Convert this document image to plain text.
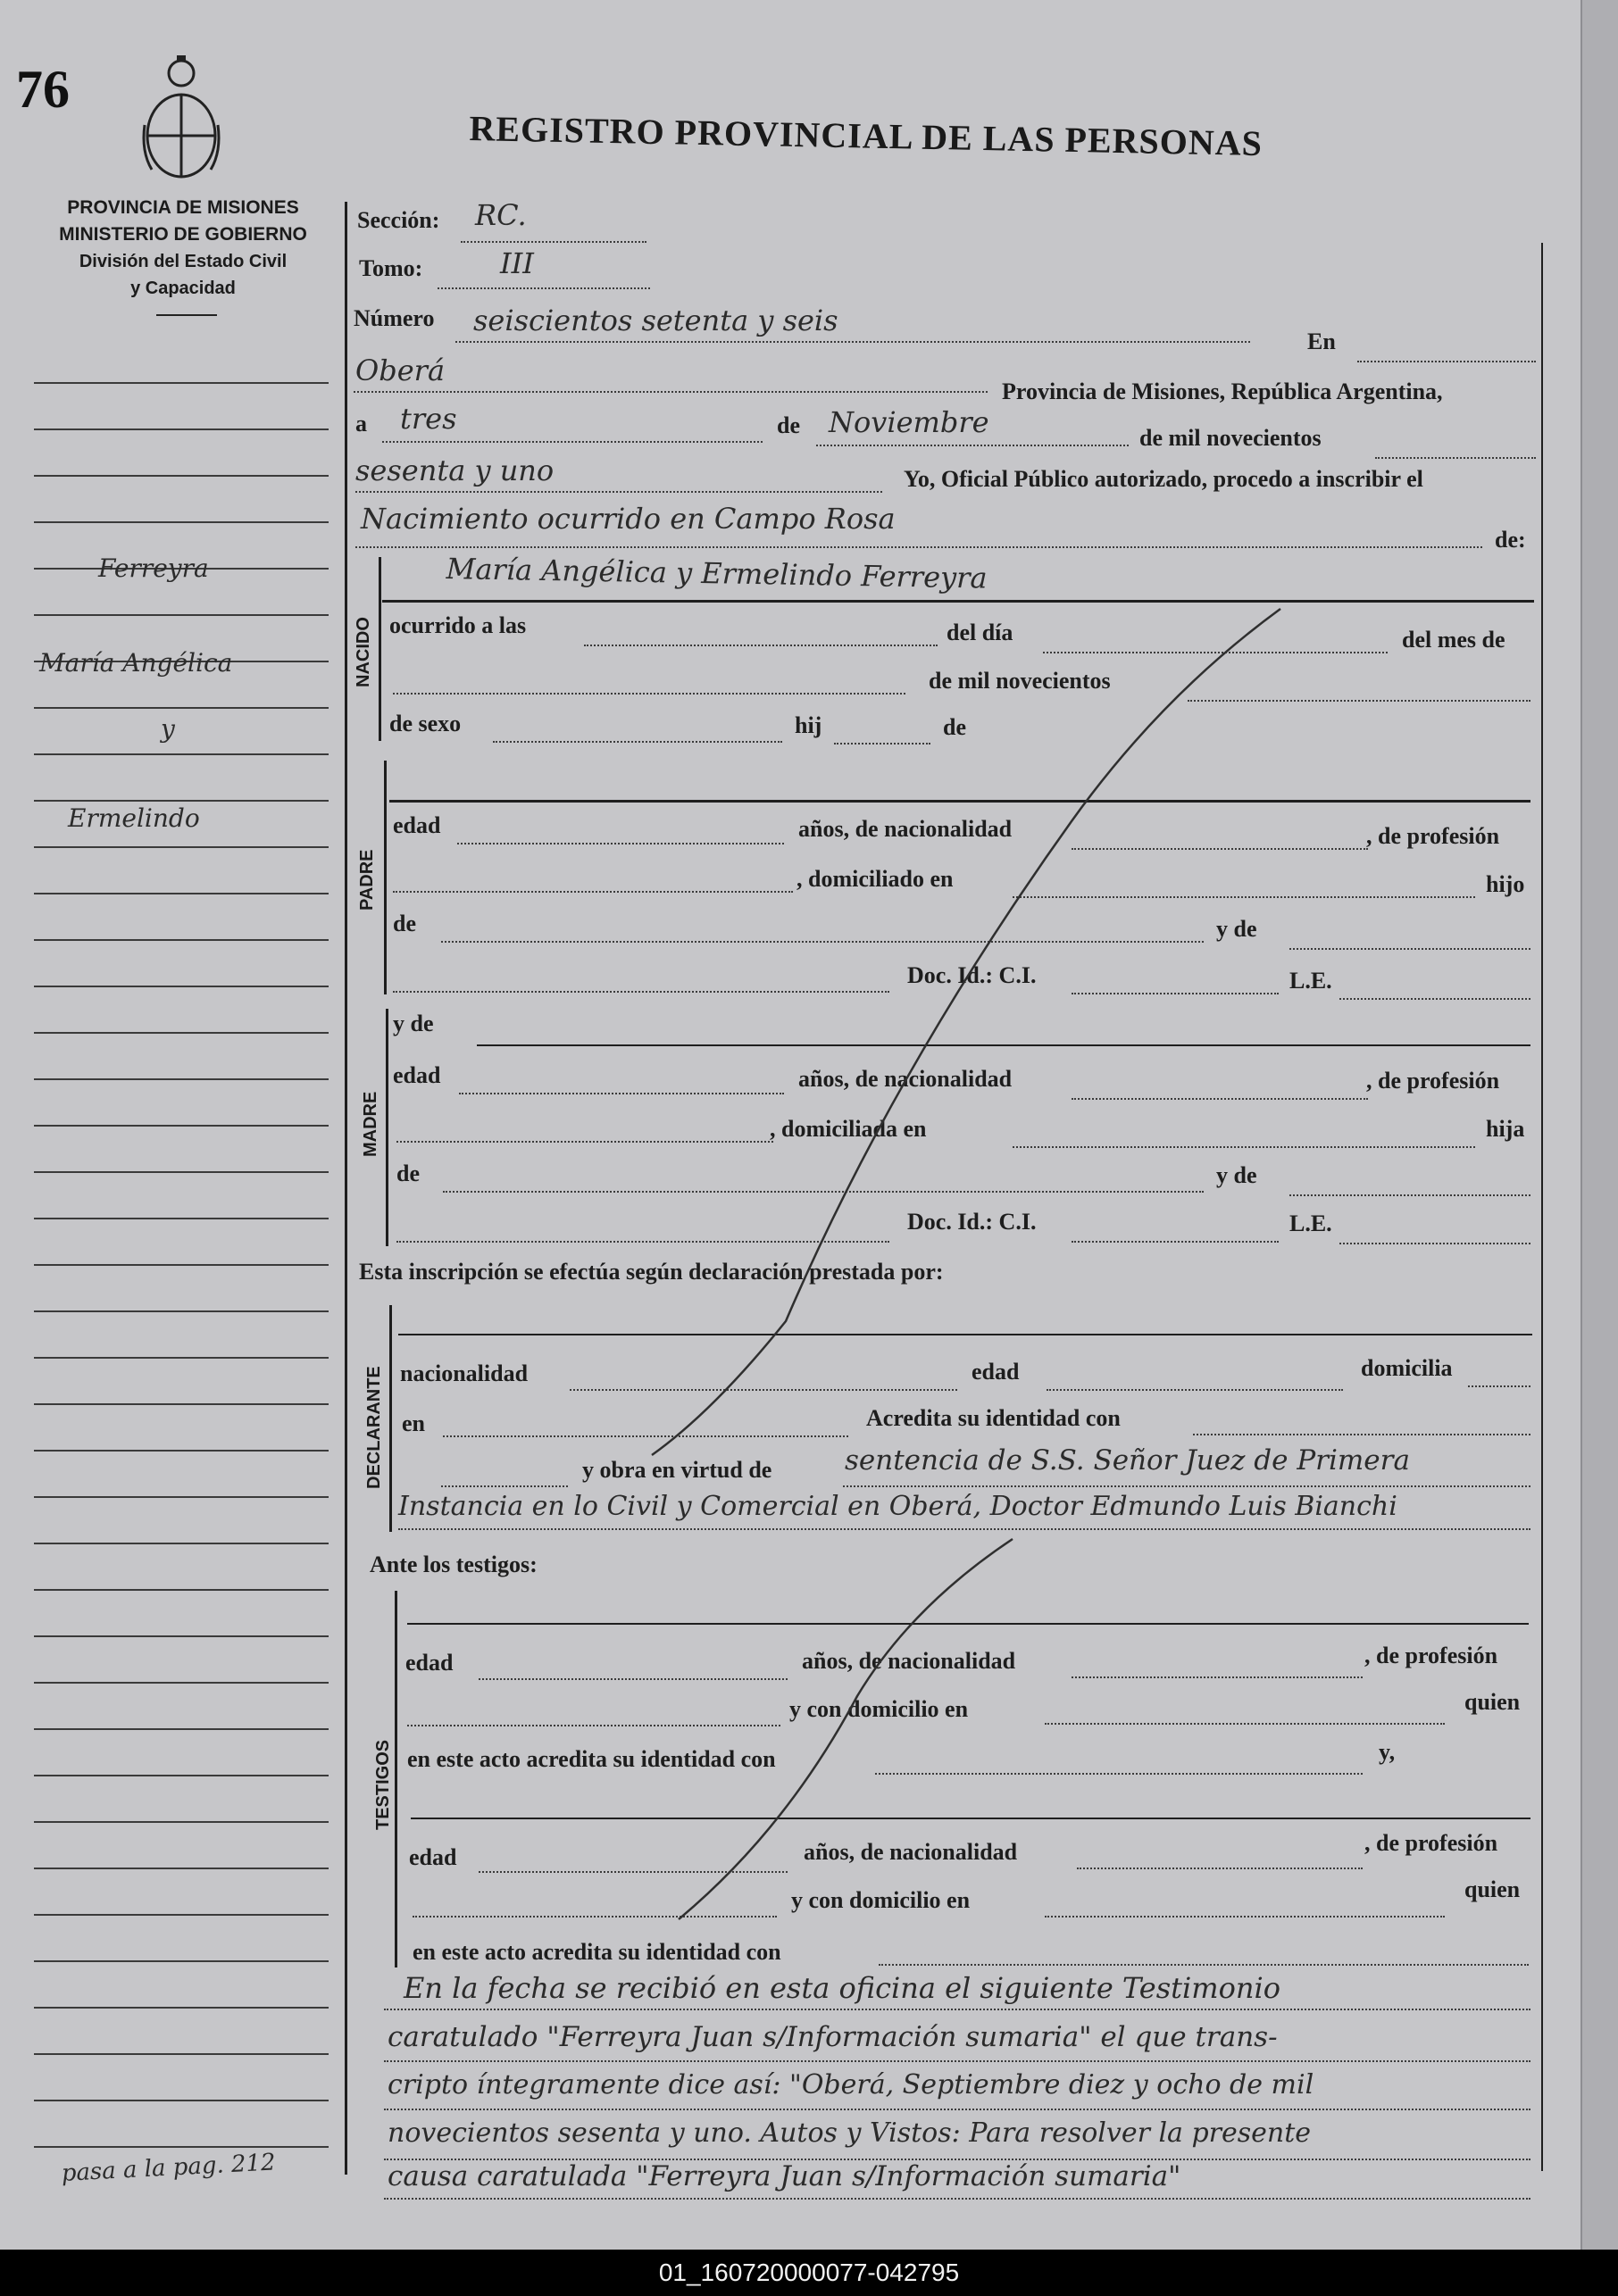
76
REGISTRO PROVINCIAL DE LAS PERSONAS
PROVINCIA DE MISIONES
MINISTERIO DE GOBIERNO
División del Estado Civil
y Capacidad
Ferreyra
María Angélica
y
Ermelindo
pasa a la pag. 212
Sección: RC.
Tomo:	III
Número seiscientos setenta y seis
En
Oberá
Provincia de Misiones, República Argentina,
a tres	de Noviembre	de mil novecientos
sesenta y uno	Yo, Oficial Público autorizado, procedo a inscribir el
Nacimiento ocurrido en Campo Rosa
de:
María Angélica y Ermelindo Ferreyra
NACIDO ocurrido a las	del día	del mes de
de mil novecientos
de sexo	hij	de
PADRE
edad	años, de nacionalidad	, de profesión
, domiciliado en	hijo
de	y de
Doc. Id.: C.I.	L.E.
MADRE
y de
edad	años, de nacionalidad	, de profesión
, domiciliada en	hija
de	y de
Doc. Id.: C.I.	L.E.
Esta inscripción se efectúa según declaración prestada por:
DECLARANTE nacionalidad	edad	domicilia
en	Acredita su identidad con
y obra en virtud de	sentencia de S.S. Señor Juez de Primera
Instancia en lo Civil y Comercial en Oberá, Doctor Edmundo Luis Bianchi
Ante los testigos:
TESTIGOS
edad	años, de nacionalidad	, de profesión
y con domicilio en	quien
en este acto acredita su identidad con	y,
edad	años, de nacionalidad	, de profesión
y con domicilio en	quien
en este acto acredita su identidad con
En la fecha se recibió en esta oficina el siguiente Testimonio
caratulado "Ferreyra Juan s/Información sumaria" el que trans-
cripto íntegramente dice así: "Oberá, Septiembre diez y ocho de mil
novecientos sesenta y uno. Autos y Vistos: Para resolver la presente
causa caratulada "Ferreyra Juan s/Información sumaria"
01_160720000077-042795
